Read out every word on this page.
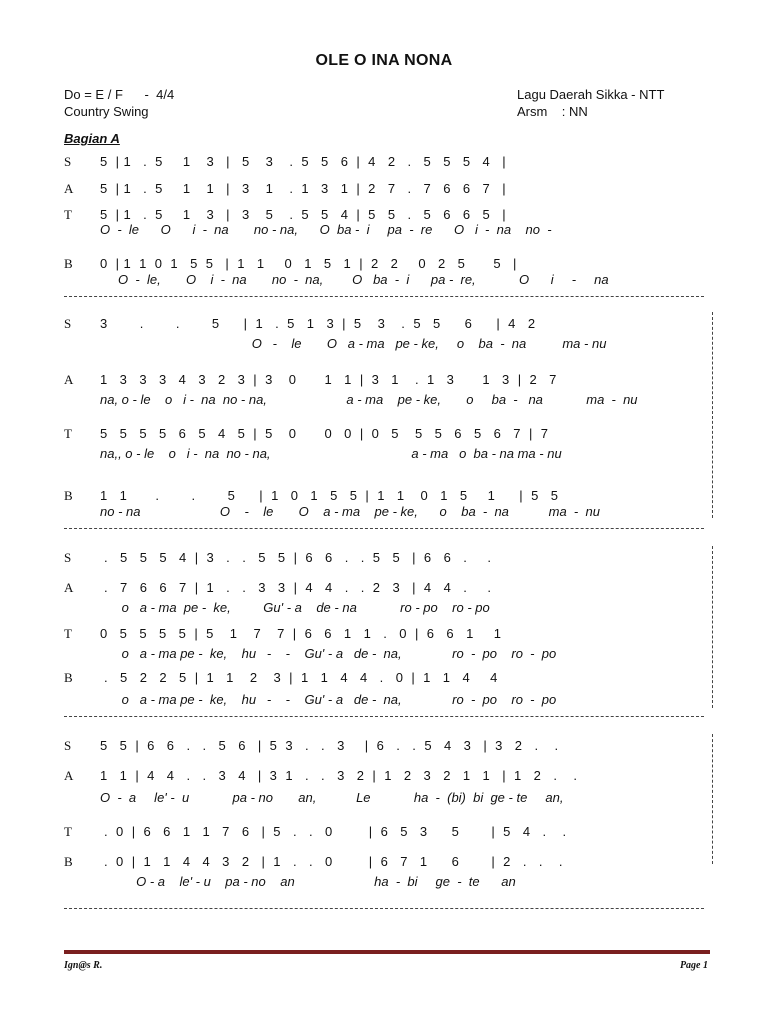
OLE O INA NONA
Do = E / F      -  4/4
Country Swing
Lagu Daerah Sikka - NTT
Arsm    : NN
Bagian A
S 5  | 1   .  5     1    3   |   5    3    .  5   5   6  |  4   2   .   5   5   5   4   |
A 5  | 1   .  5     1    1   |   3    1    .  1   3   1  |  2   7   .   7   6   6   7   |
T 5  | 1   .  5     1    3   |   3    5    .  5   5   4  |  5   5   .   5   6   6   5   |
O  -  le      O      i  -  na       no - na,      O  ba -  i     pa  -  re      O   i  -  na    no  -
B 0  | 1  1  0  1   5  5   |  1   1     0   1   5   1  |  2   2     0   2   5       5   |
O  -  le,       O    i  -  na       no  -  na,        O   ba  -  i      pa -  re,            O      i     -     na
S 3        .        .        5      |  1   .  5   1   3  |  5    3    .  5   5      6      |  4   2
O   -    le       O   a - ma   pe - ke,     o    ba  -  na          ma - nu
A 1   3   3   3   4   3   2   3  |  3    0       1   1  |  3   1    .  1   3       1   3  |  2   7
na, o - le    o   i -  na  no - na,                      a - ma    pe - ke,       o     ba  -   na            ma  -  nu
T 5   5   5   5   6   5   4   5  |  5    0       0   0  |  0   5    5   5   6   5   6   7  |  7
na,, o - le    o   i -  na  no - na,                                       a - ma   o  ba - na ma - nu
B 1   1       .        .        5      |  1   0   1   5   5  |  1   1    0   1   5     1      |  5   5
no - na                      O    -    le       O    a - ma    pe - ke,      o    ba  -  na           ma  -  nu
S .   5   5   5   4  |  3   .   .   5   5  |  6   6   .   .  5   5   |  6   6   .     .
A .   7   6   6   7  |  1   .   .   3   3  |  4   4   .   .  2   3   |  4   4   .     .
o   a - ma  pe -  ke,         Gu' - a    de - na            ro - po    ro - po
T 0   5   5   5   5  |  5    1    7    7  |  6   6   1   1   .   0  |  6   6   1     1
o   a - ma pe -  ke,    hu   -    -    Gu' - a   de -  na,              ro  -  po    ro  -  po
B .   5   2   2   5  |  1   1    2    3  |  1   1   4   4   .   0  |  1   1   4     4
o   a - ma pe -  ke,    hu   -    -    Gu' - a   de -  na,              ro  -  po    ro  -  po
S 5   5  |  6   6   .   .   5   6   |  5  3   .   .   3     |  6   .   .  5   4   3   |  3   2   .    .
A 1   1  |  4   4   .   .   3   4   |  3  1   .   .   3   2  |  1   2   3   2   1   1   |  1   2   .    .
O  -  a     le' -  u            pa - no       an,           Le            ha  -  (bi)  bi  ge - te     an,
T .  0  |  6   6   1   1   7   6   |  5   .   .   0         |  6   5   3      5        |  5   4   .    .
B .  0  |  1   1   4   4   3   2   |  1   .   .   0         |  6   7   1      6        |  2   .   .    .
O - a    le' - u    pa - no    an                      ha  -  bi     ge  -  te      an
Ign@s R.	Page 1
